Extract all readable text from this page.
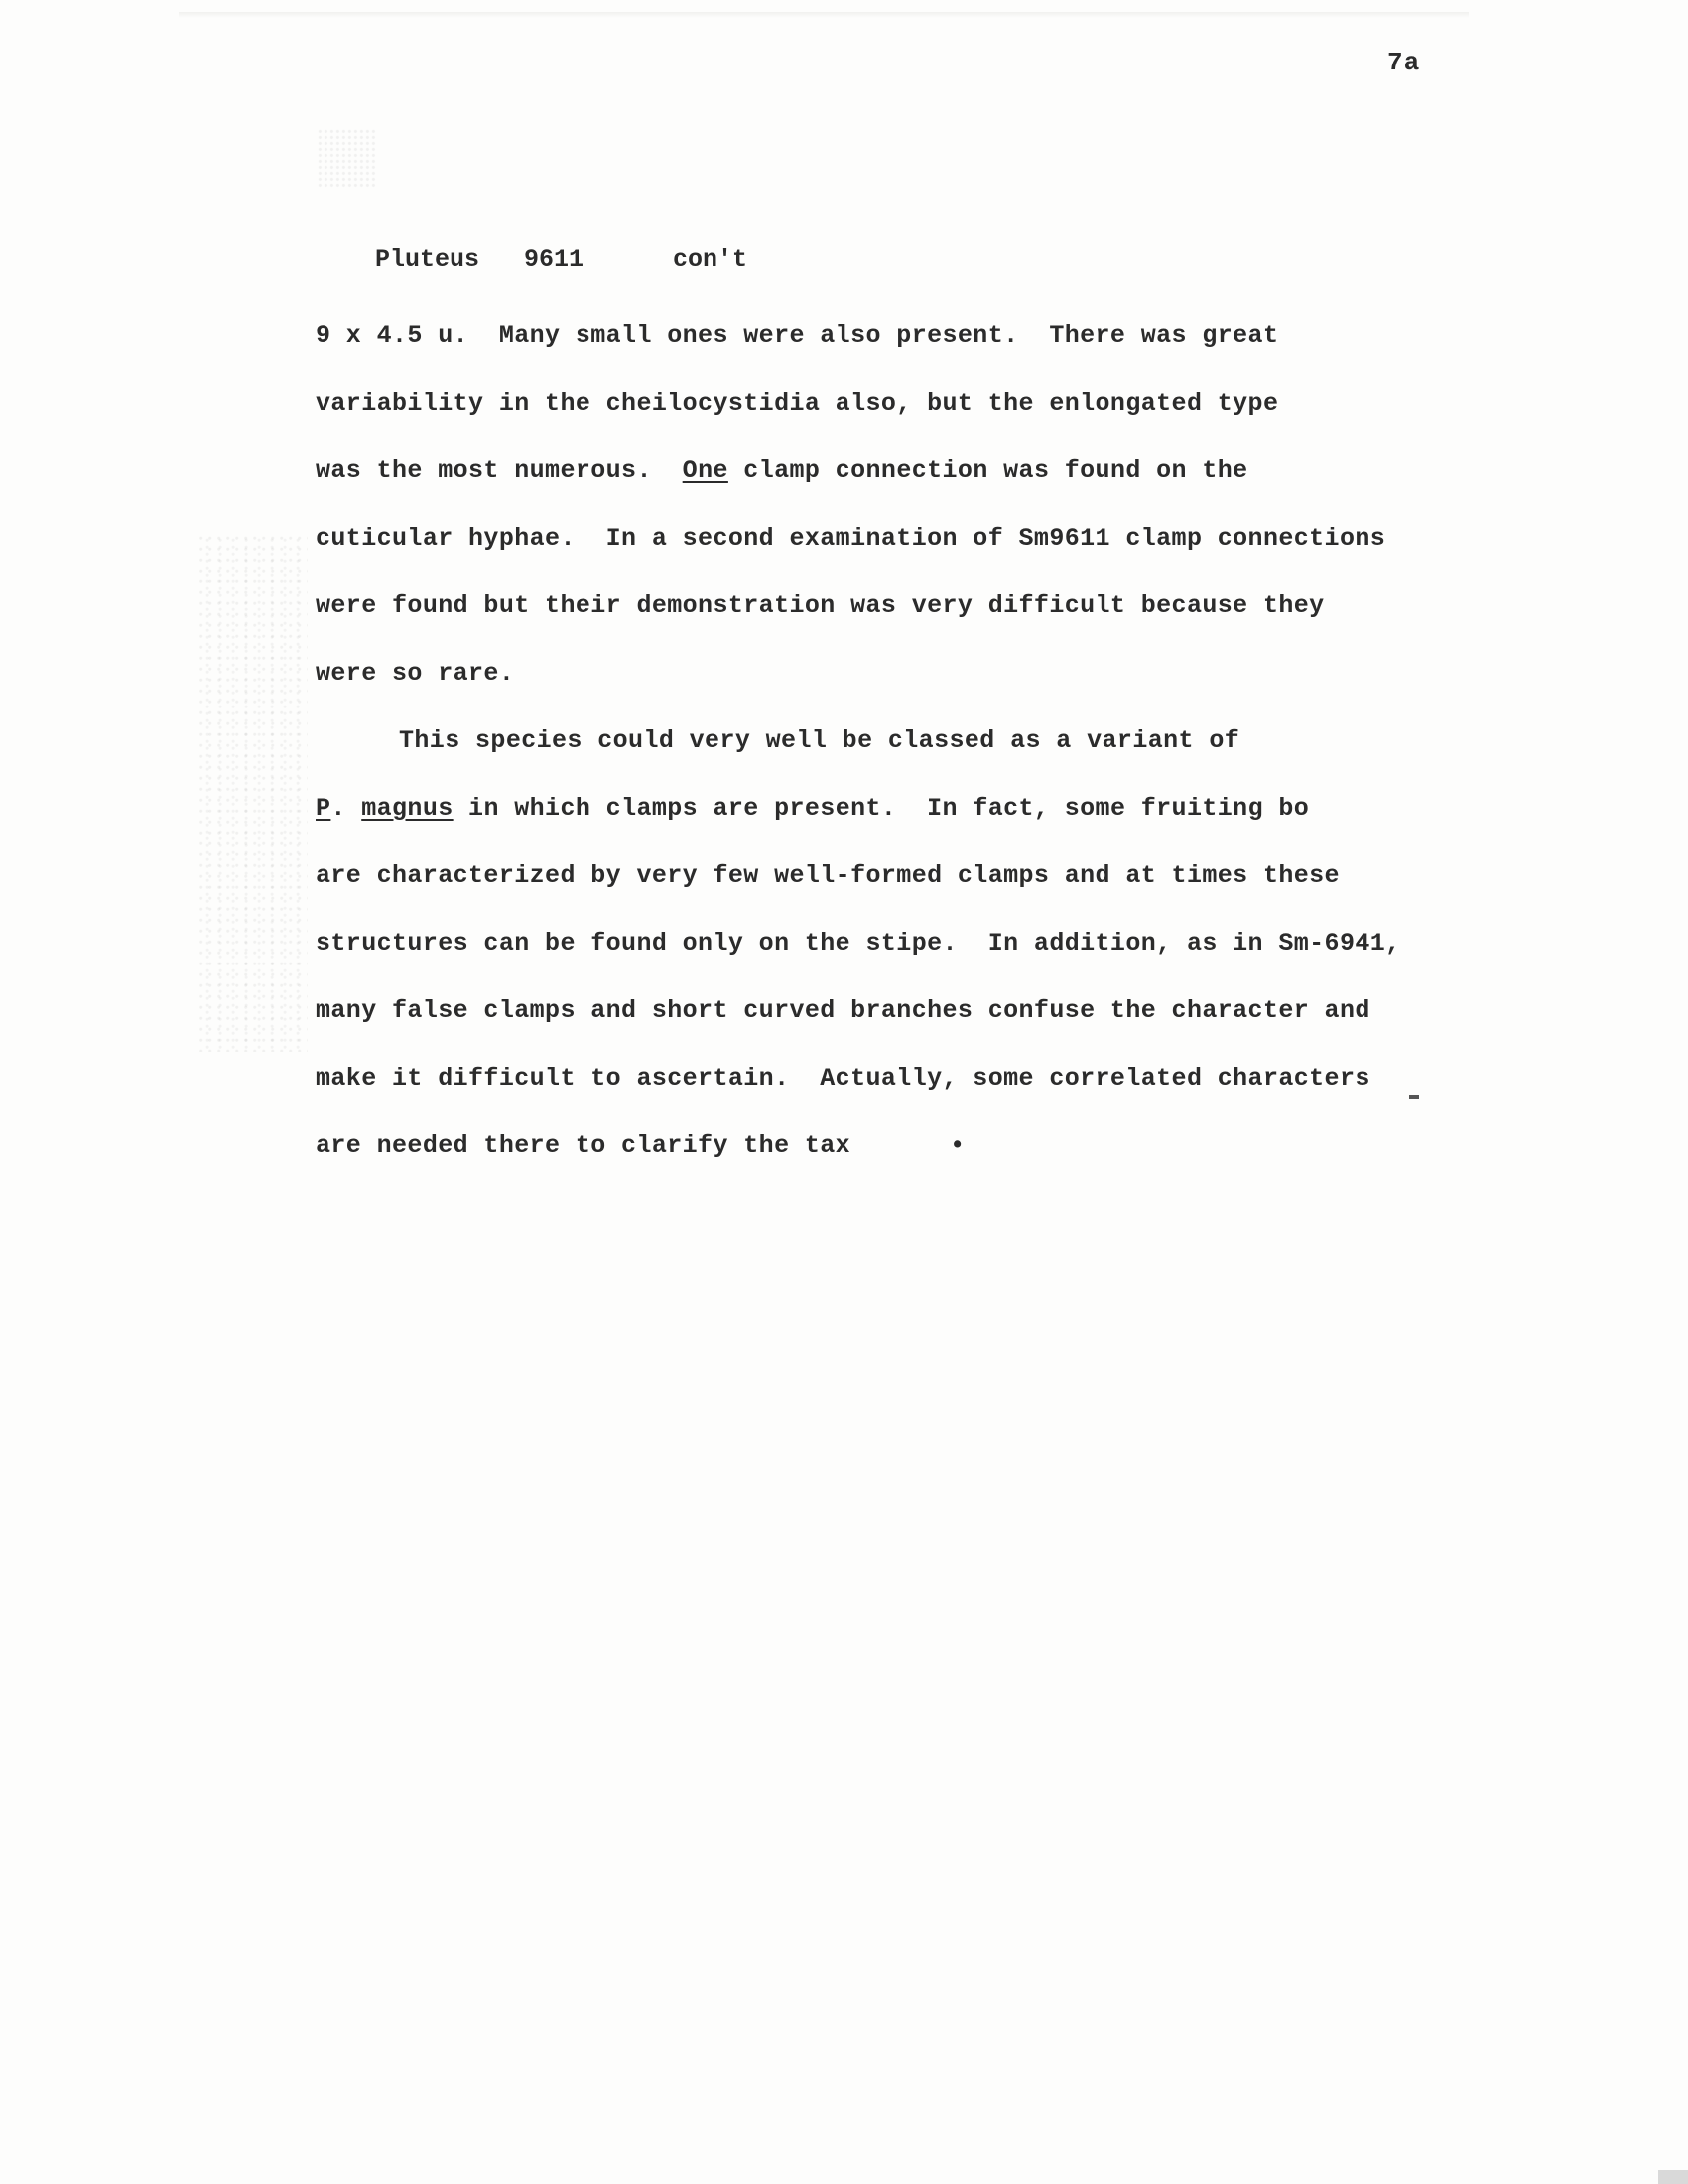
7a

Pluteus 9611	con't

9 x 4.5 u.  Many small ones were also present.  There was great
variability in the cheilocystidia also, but the enlongated type
was the most numerous.  One clamp connection was found on the
cuticular hyphae.  In a second examination of Sm9611 clamp connections
were found but their demonstration was very difficult because they
were so rare.
This species could very well be classed as a variant of
P. magnus in which clamps are present.  In fact, some fruiting bo
are characterized by very few well-formed clamps and at times these
structures can be found only on the stipe.  In addition, as in Sm-6941,
many false clamps and short curved branches confuse the character and
make it difficult to ascertain.  Actually, some correlated characters
are needed there to clarify the tax	•
